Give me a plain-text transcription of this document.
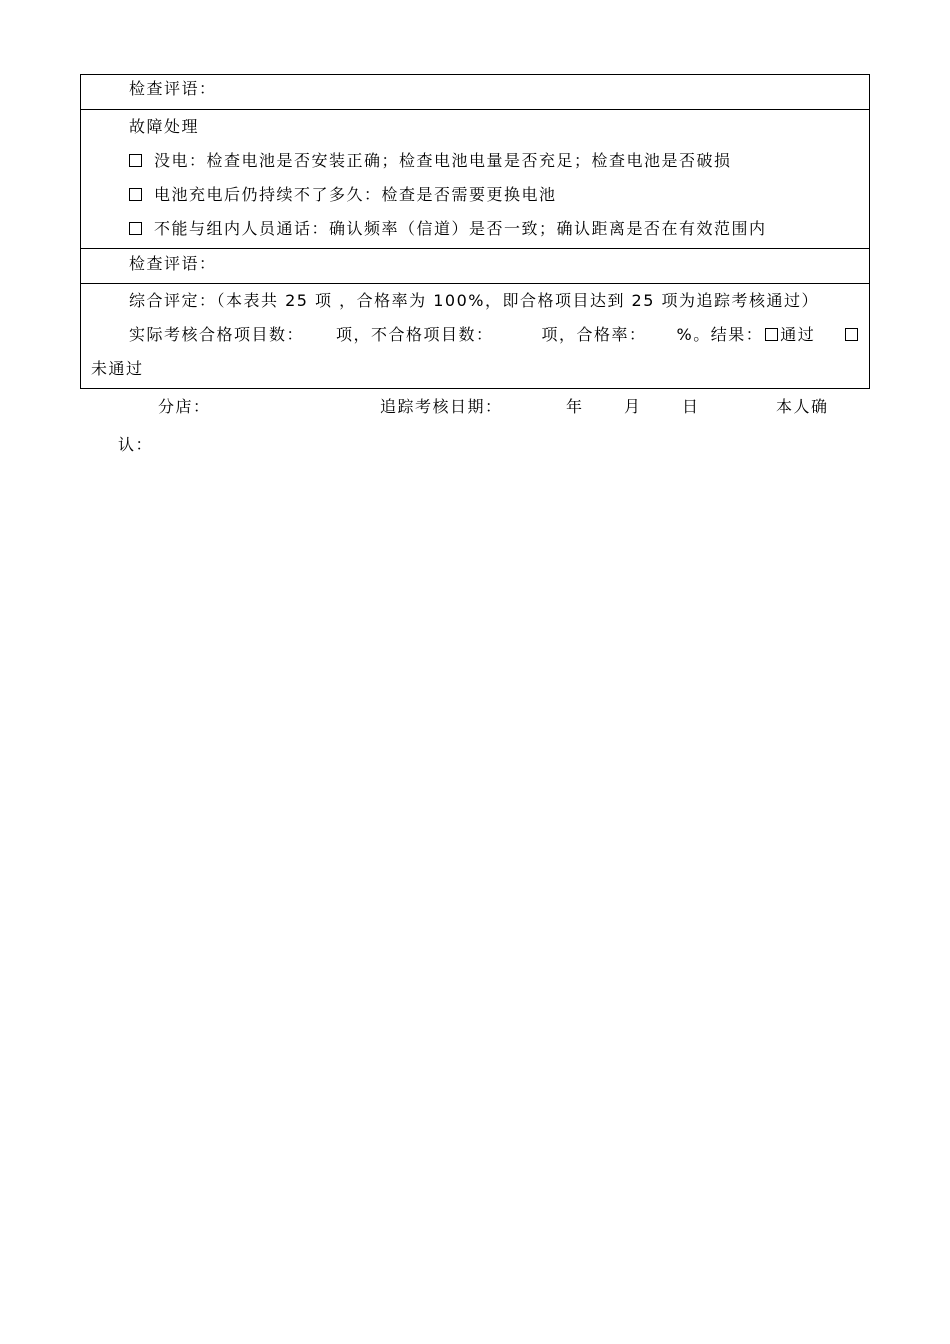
检查评语：

故障处理
没电：检查电池是否安装正确；检查电池电量是否充足；检查电池是否破损
电池充电后仍持续不了多久：检查是否需要更换电池
不能与组内人员通话：确认频率（信道）是否一致；确认距离是否在有效范围内

检查评语：

综合评定：（本表共 25 项 ，合格率为 100%，即合格项目达到 25 项为追踪考核通过）
实际考核合格项目数： 项，不合格项目数：	项，合格率： %。结果： 通过
未通过
分店：	追踪考核日期：	年	月	日	本人确
认：
